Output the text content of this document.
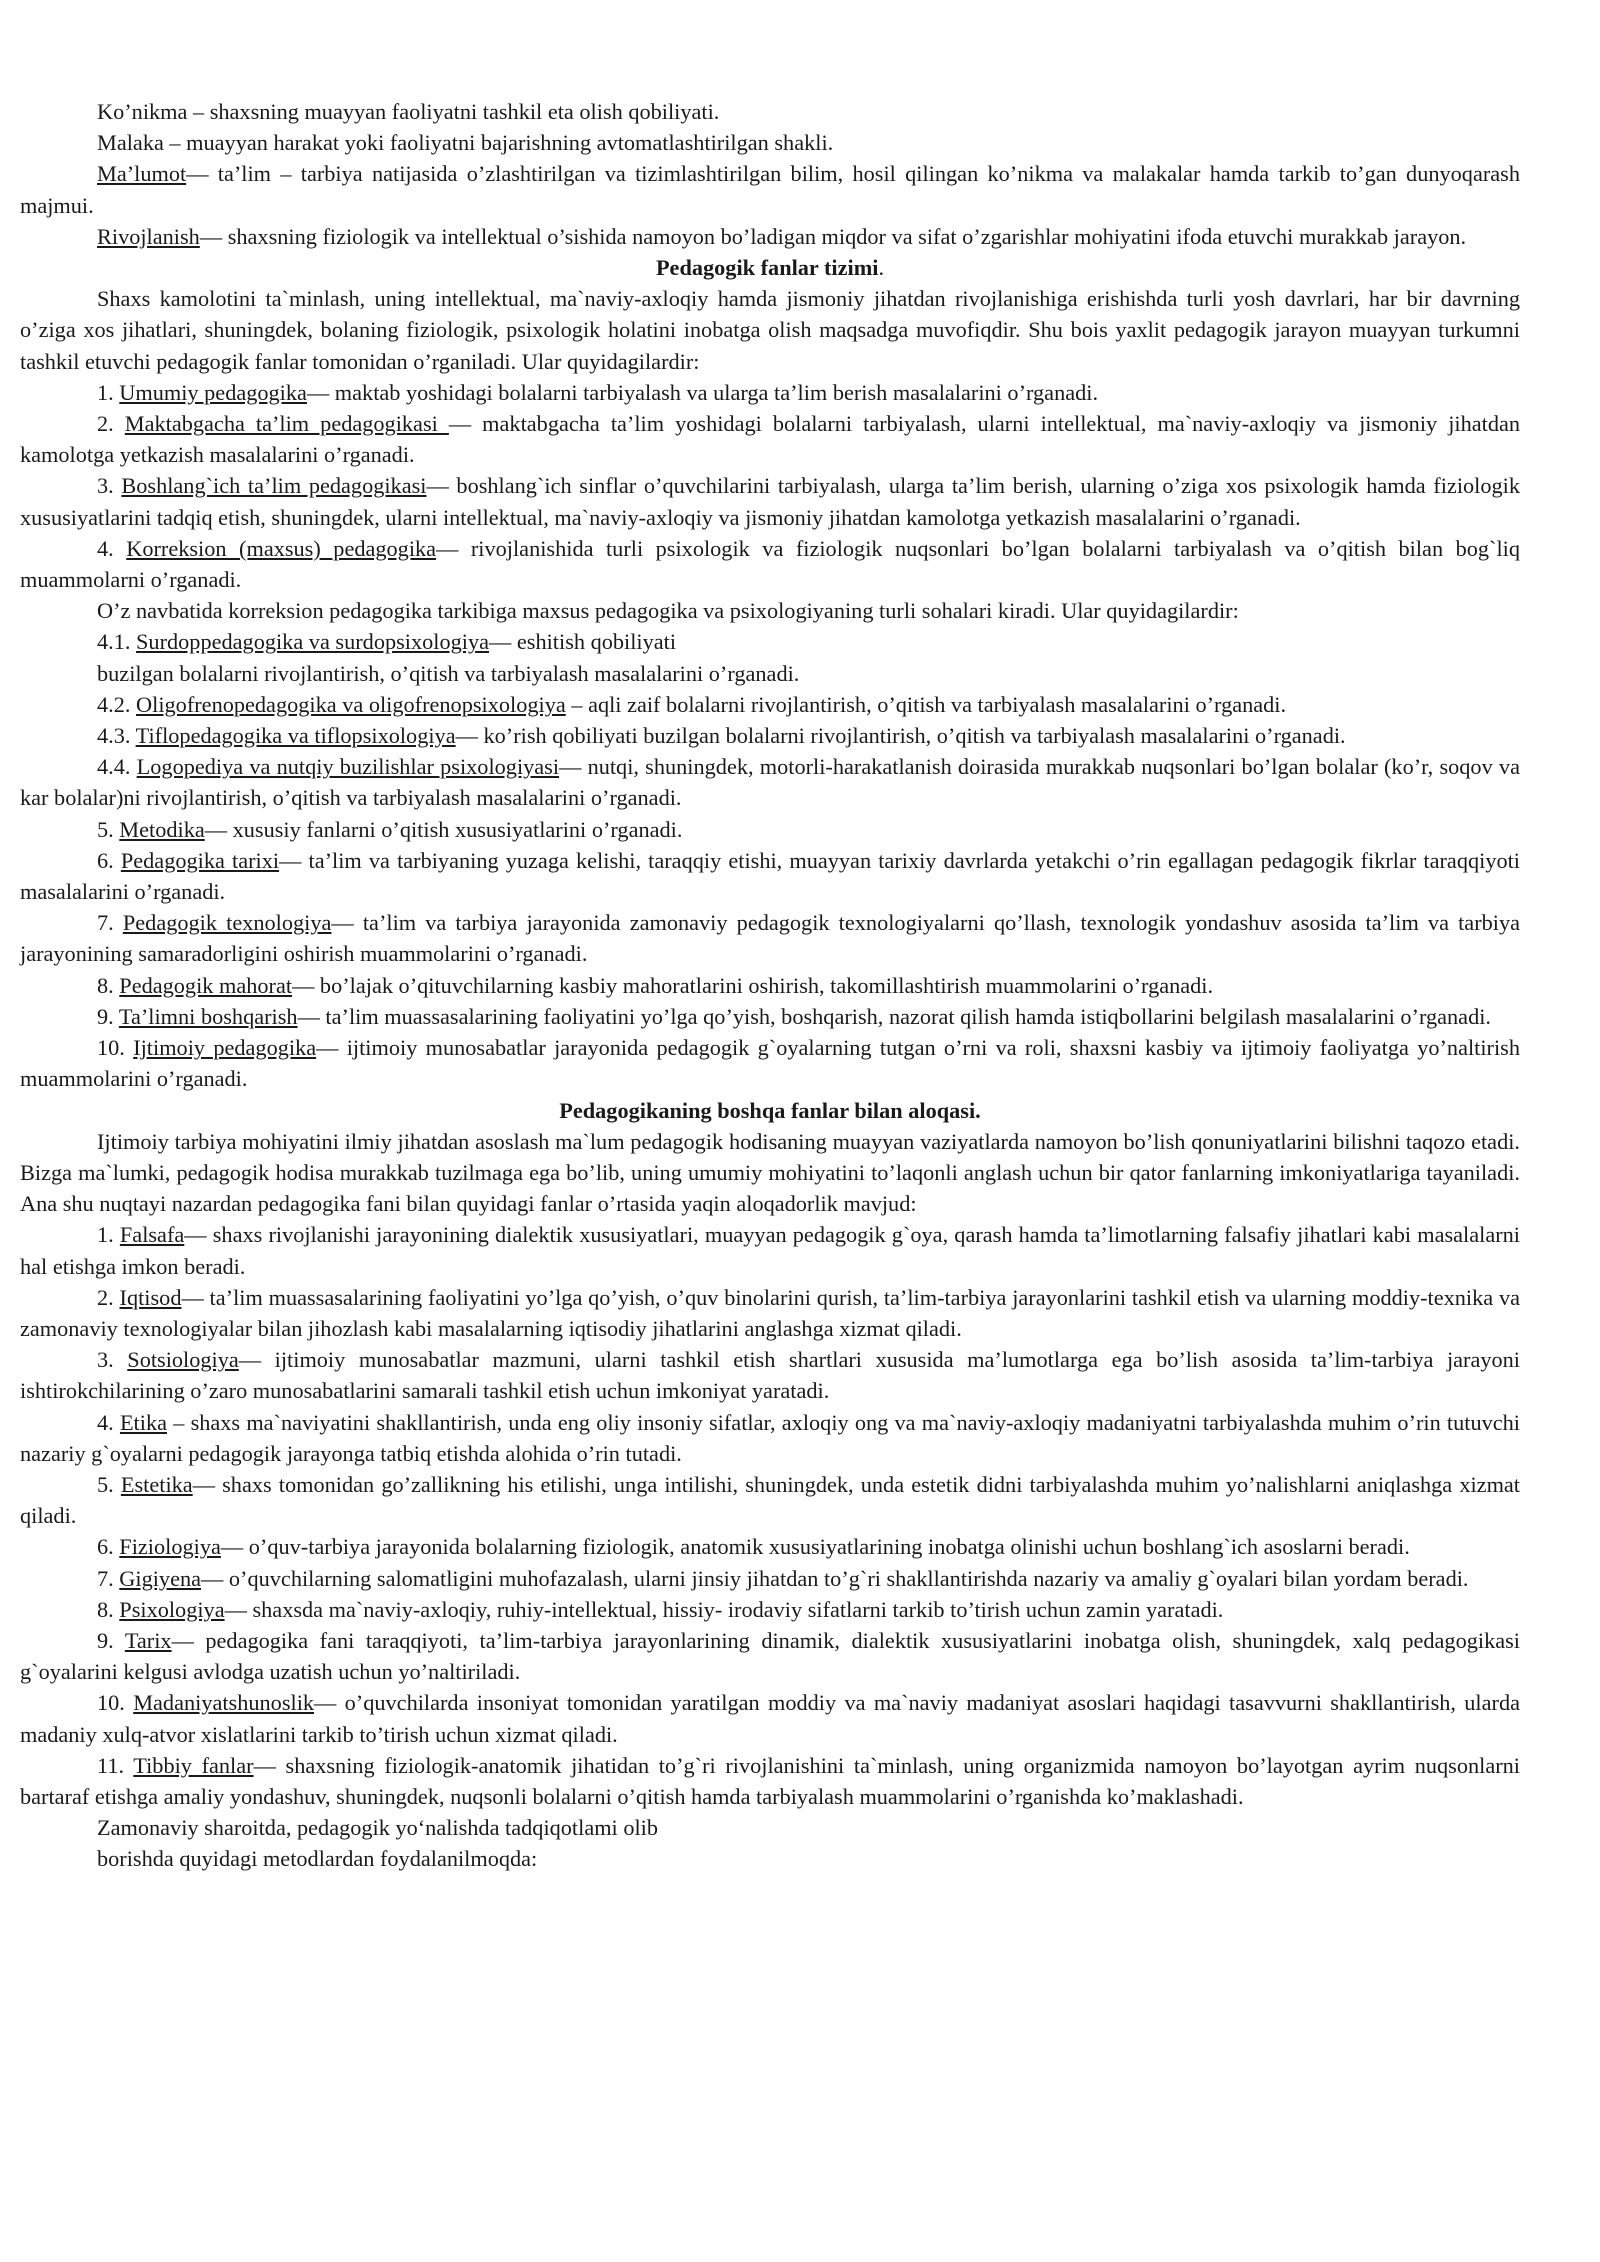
Ko’nikma – shaxsning muayyan faoliyatni tashkil eta olish qobiliyati.

Malaka – muayyan harakat yoki faoliyatni bajarishning avtomatlashtirilgan shakli.

Ma’lumot— ta’lim – tarbiya natijasida o’zlashtirilgan va tizimlashtirilgan bilim, hosil qilingan ko’nikma va malakalar hamda tarkib to’gan dunyoqarash majmui.

Rivojlanish— shaxsning fiziologik va intellektual o’sishida namoyon bo’ladigan miqdor va sifat o’zgarishlar mohiyatini ifoda etuvchi murakkab jarayon.

Pedagogik fanlar tizimi.

Shaxs kamolotini ta`minlash, uning intellektual, ma`naviy-axloqiy hamda jismoniy jihatdan rivojlanishiga erishishda turli yosh davrlari, har bir davrning o’ziga xos jihatlari, shuningdek, bolaning fiziologik, psixologik holatini inobatga olish maqsadga muvofiqdir. Shu bois yaxlit pedagogik jarayon muayyan turkumni tashkil etuvchi pedagogik fanlar tomonidan o’rganiladi. Ular quyidagilardir:

1. Umumiy pedagogika— maktab yoshidagi bolalarni tarbiyalash va ularga ta’lim berish masalalarini o’rganadi.

2. Maktabgacha ta’lim pedagogikasi — maktabgacha ta’lim yoshidagi bolalarni tarbiyalash, ularni intellektual, ma`naviy-axloqiy va jismoniy jihatdan kamolotga yetkazish masalalarini o’rganadi.

3. Boshlang`ich ta’lim pedagogikasi— boshlang`ich sinflar o’quvchilarini tarbiyalash, ularga ta’lim berish, ularning o’ziga xos psixologik hamda fiziologik xususiyatlarini tadqiq etish, shuningdek, ularni intellektual, ma`naviy-axloqiy va jismoniy jihatdan kamolotga yetkazish masalalarini o’rganadi.

4. Korreksion (maxsus) pedagogika— rivojlanishida turli psixologik va fiziologik nuqsonlari bo’lgan bolalarni tarbiyalash va o’qitish bilan bog`liq muammolarni o’rganadi.

O’z navbatida korreksion pedagogika tarkibiga maxsus pedagogika va psixologiyaning turli sohalari kiradi. Ular quyidagilardir:

4.1. Surdoppedagogika va surdopsixologiya— eshitish qobiliyati

buzilgan bolalarni rivojlantirish, o’qitish va tarbiyalash masalalarini o’rganadi.

4.2. Oligofrenopedagogika va oligofrenopsixologiya – aqli zaif bolalarni rivojlantirish, o’qitish va tarbiyalash masalalarini o’rganadi.

4.3. Tiflopedagogika va tiflopsixologiya— ko’rish qobiliyati buzilgan bolalarni rivojlantirish, o’qitish va tarbiyalash masalalarini o’rganadi.

4.4. Logopediya va nutqiy buzilishlar psixologiyasi— nutqi, shuningdek, motorli-harakatlanish doirasida murakkab nuqsonlari bo’lgan bolalar (ko’r, soqov va kar bolalar)ni rivojlantirish, o’qitish va tarbiyalash masalalarini o’rganadi.

5. Metodika— xususiy fanlarni o’qitish xususiyatlarini o’rganadi.

6. Pedagogika tarixi— ta’lim va tarbiyaning yuzaga kelishi, taraqqiy etishi, muayyan tarixiy davrlarda yetakchi o’rin egallagan pedagogik fikrlar taraqqiyoti masalalarini o’rganadi.

7. Pedagogik texnologiya— ta’lim va tarbiya jarayonida zamonaviy pedagogik texnologiyalarni qo’llash, texnologik yondashuv asosida ta’lim va tarbiya jarayonining samaradorligini oshirish muammolarini o’rganadi.

8. Pedagogik mahorat— bo’lajak o’qituvchilarning kasbiy mahoratlarini oshirish, takomillashtirish muammolarini o’rganadi.

9. Ta’limni boshqarish— ta’lim muassasalarining faoliyatini yo’lga qo’yish, boshqarish, nazorat qilish hamda istiqbollarini belgilash masalalarini o’rganadi.

10. Ijtimoiy pedagogika— ijtimoiy munosabatlar jarayonida pedagogik g`oyalarning tutgan o’rni va roli, shaxsni kasbiy va ijtimoiy faoliyatga yo’naltirish muammolarini o’rganadi.

Pedagogikaning boshqa fanlar bilan aloqasi.

Ijtimoiy tarbiya mohiyatini ilmiy jihatdan asoslash ma`lum pedagogik hodisaning muayyan vaziyatlarda namoyon bo’lish qonuniyatlarini bilishni taqozo etadi. Bizga ma`lumki, pedagogik hodisa murakkab tuzilmaga ega bo’lib, uning umumiy mohiyatini to’laqonli anglash uchun bir qator fanlarning imkoniyatlariga tayaniladi. Ana shu nuqtayi nazardan pedagogika fani bilan quyidagi fanlar o’rtasida yaqin aloqadorlik mavjud:

1. Falsafa— shaxs rivojlanishi jarayonining dialektik xususiyatlari, muayyan pedagogik g`oya, qarash hamda ta’limotlarning falsafiy jihatlari kabi masalalarni hal etishga imkon beradi.

2. Iqtisod— ta’lim muassasalarining faoliyatini yo’lga qo’yish, o’quv binolarini qurish, ta’lim-tarbiya jarayonlarini tashkil etish va ularning moddiy-texnika va zamonaviy texnologiyalar bilan jihozlash kabi masalalarning iqtisodiy jihatlarini anglashga xizmat qiladi.

3. Sotsiologiya— ijtimoiy munosabatlar mazmuni, ularni tashkil etish shartlari xususida ma’lumotlarga ega bo’lish asosida ta’lim-tarbiya jarayoni ishtirokchilarining o’zaro munosabatlarini samarali tashkil etish uchun imkoniyat yaratadi.

4. Etika – shaxs ma`naviyatini shakllantirish, unda eng oliy insoniy sifatlar, axloqiy ong va ma`naviy-axloqiy madaniyatni tarbiyalashda muhim o’rin tutuvchi nazariy g`oyalarni pedagogik jarayonga tatbiq etishda alohida o’rin tutadi.

5. Estetika— shaxs tomonidan go’zallikning his etilishi, unga intilishi, shuningdek, unda estetik didni tarbiyalashda muhim yo’nalishlarni aniqlashga xizmat qiladi.

6. Fiziologiya— o’quv-tarbiya jarayonida bolalarning fiziologik, anatomik xususiyatlarining inobatga olinishi uchun boshlang`ich asoslarni beradi.

7. Gigiyena— o’quvchilarning salomatligini muhofazalash, ularni jinsiy jihatdan to’g`ri shakllantirishda nazariy va amaliy g`oyalari bilan yordam beradi.

8. Psixologiya— shaxsda ma`naviy-axloqiy, ruhiy-intellektual, hissiy- irodaviy sifatlarni tarkib to’tirish uchun zamin yaratadi.

9. Tarix— pedagogika fani taraqqiyoti, ta’lim-tarbiya jarayonlarining dinamik, dialektik xususiyatlarini inobatga olish, shuningdek, xalq pedagogikasi g`oyalarini kelgusi avlodga uzatish uchun yo’naltiriladi.

10. Madaniyatshunoslik— o’quvchilarda insoniyat tomonidan yaratilgan moddiy va ma`naviy madaniyat asoslari haqidagi tasavvurni shakllantirish, ularda madaniy xulq-atvor xislatlarini tarkib to’tirish uchun xizmat qiladi.

11. Tibbiy fanlar— shaxsning fiziologik-anatomik jihatidan to’g`ri rivojlanishini ta`minlash, uning organizmida namoyon bo’layotgan ayrim nuqsonlarni bartaraf etishga amaliy yondashuv, shuningdek, nuqsonli bolalarni o’qitish hamda tarbiyalash muammolarini o’rganishda ko’maklashadi.

Zamonaviy sharoitda, pedagogik yo‘nalishda tadqiqotlami olib

borishda quyidagi metodlardan foydalanilmoqda:
